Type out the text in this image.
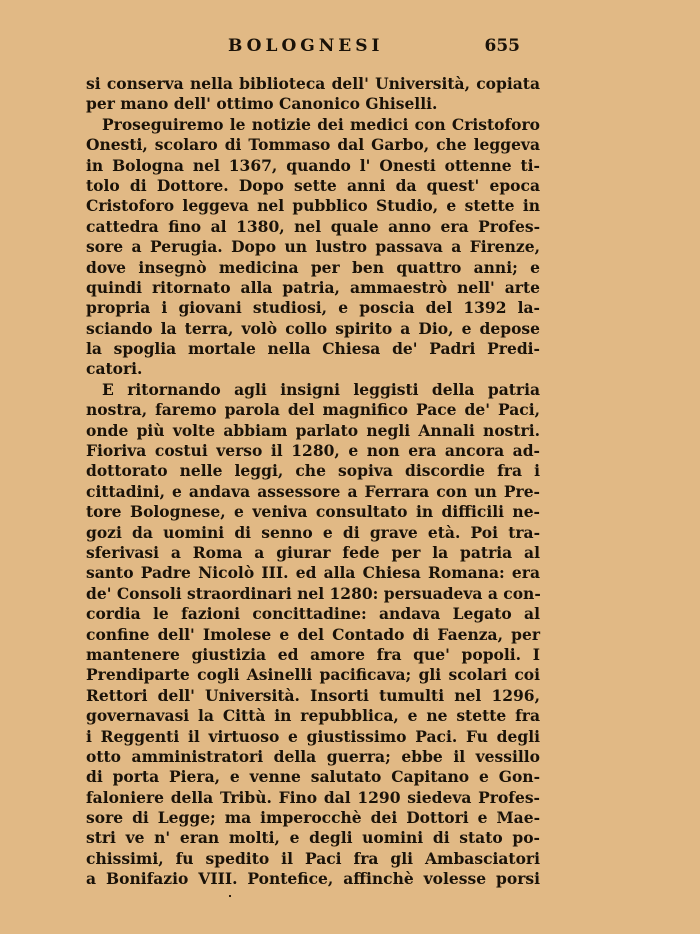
BOLOGNESI	655
si conserva nella biblioteca dell' Università, copiata
per mano dell' ottimo Canonico Ghiselli.
Proseguiremo le notizie dei medici con Cristoforo
Onesti, scolaro di Tommaso dal Garbo, che leggeva
in Bologna nel 1367, quando l' Onesti ottenne ti-
tolo di Dottore. Dopo sette anni da quest' epoca
Cristoforo leggeva nel pubblico Studio, e stette in
cattedra fino al 1380, nel quale anno era Profes-
sore a Perugia. Dopo un lustro passava a Firenze,
dove insegnò medicina per ben quattro anni; e
quindi ritornato alla patria, ammaestrò nell' arte
propria i giovani studiosi, e poscia del 1392 la-
sciando la terra, volò collo spirito a Dio, e depose
la spoglia mortale nella Chiesa de' Padri Predi-
catori.
E ritornando agli insigni leggisti della patria
nostra, faremo parola del magnifico Pace de' Paci,
onde più volte abbiam parlato negli Annali nostri.
Fioriva costui verso il 1280, e non era ancora ad-
dottorato nelle leggi, che sopiva discordie fra i
cittadini, e andava assessore a Ferrara con un Pre-
tore Bolognese, e veniva consultato in difficili ne-
gozi da uomini di senno e di grave età. Poi tra-
sferivasi a Roma a giurar fede per la patria al
santo Padre Nicolò III. ed alla Chiesa Romana: era
de' Consoli straordinari nel 1280: persuadeva a con-
cordia le fazioni concittadine: andava Legato al
confine dell' Imolese e del Contado di Faenza, per
mantenere giustizia ed amore fra que' popoli. I
Prendiparte cogli Asinelli pacificava; gli scolari coi
Rettori dell' Università. Insorti tumulti nel 1296,
governavasi la Città in repubblica, e ne stette fra
i Reggenti il virtuoso e giustissimo Paci. Fu degli
otto amministratori della guerra; ebbe il vessillo
di porta Piera, e venne salutato Capitano e Gon-
faloniere della Tribù. Fino dal 1290 siedeva Profes-
sore di Legge; ma imperocchè dei Dottori e Mae-
stri ve n' eran molti, e degli uomini di stato po-
chissimi, fu spedito il Paci fra gli Ambasciatori
a Bonifazio VIII. Pontefice, affinchè volesse porsi
